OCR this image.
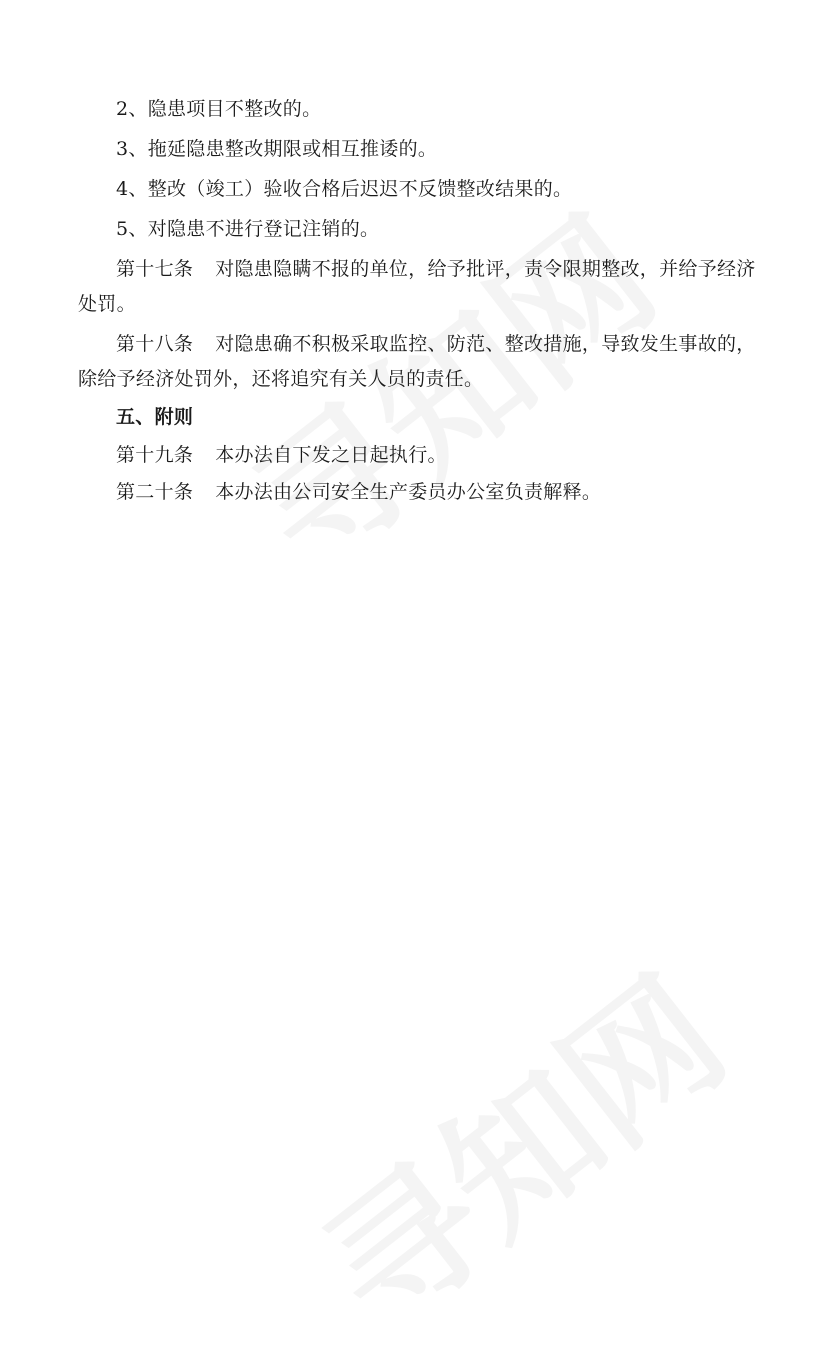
2、隐患项目不整改的。

3、拖延隐患整改期限或相互推诿的。

4、整改（竣工）验收合格后迟迟不反馈整改结果的。

5、对隐患不进行登记注销的。

第十七条 对隐患隐瞒不报的单位，给予批评，责令限期整改，并给予经济处罚。

第十八条 对隐患确不积极采取监控、防范、整改措施，导致发生事故的，除给予经济处罚外，还将追究有关人员的责任。

五、附则

第十九条 本办法自下发之日起执行。

第二十条 本办法由公司安全生产委员办公室负责解释。
